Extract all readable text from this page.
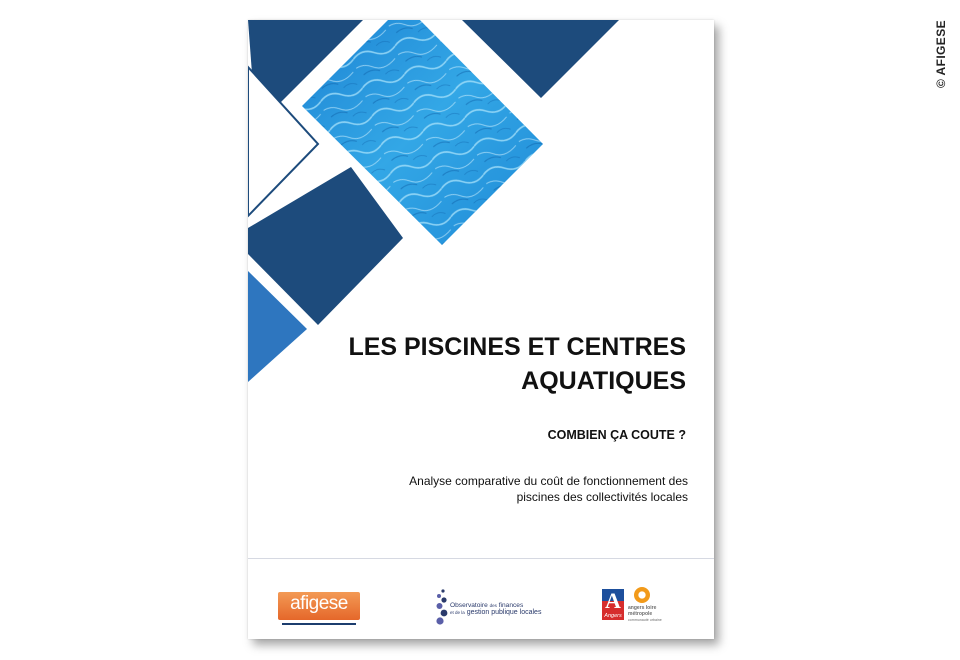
LES PISCINES ET CENTRES
AQUATIQUES
COMBIEN ÇA COUTE ?
Analyse comparative du coût de fonctionnement des
piscines des collectivités locales
afigese	Observatoire des finances
et de la gestion publique locales	A
Angers
angers loire
métropole
communauté urbaine
© AFIGESE
